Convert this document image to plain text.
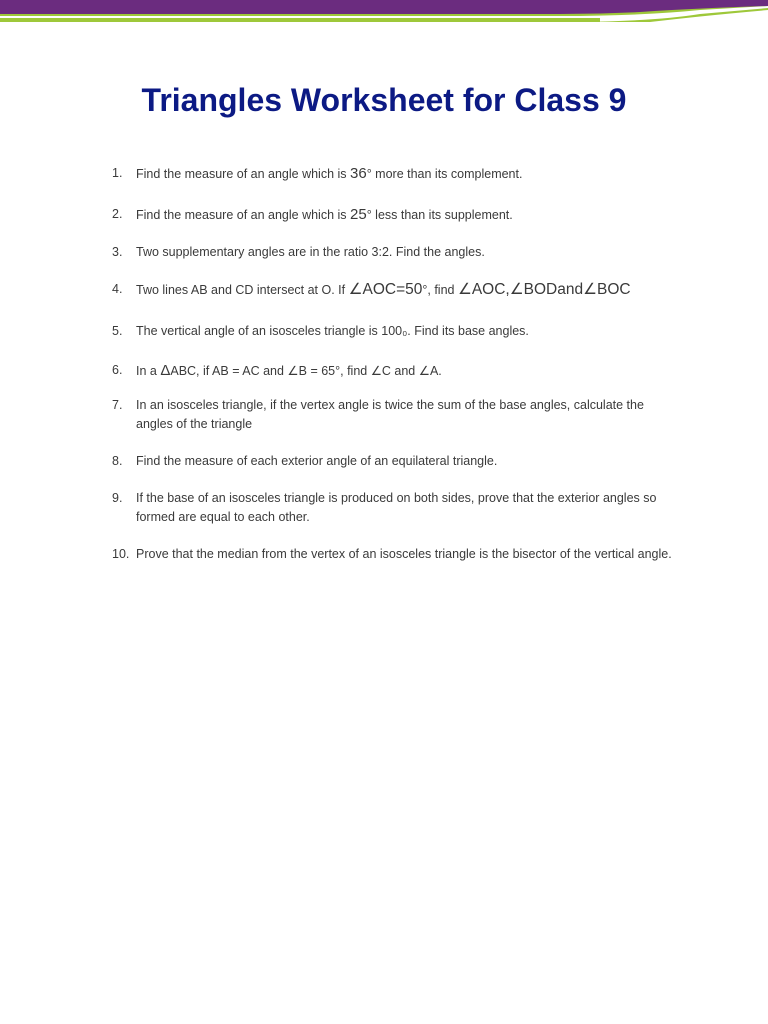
Triangles Worksheet for Class 9
1.	Find the measure of an angle which is 36° more than its complement.
2.	Find the measure of an angle which is 25° less than its supplement.
3.	Two supplementary angles are in the ratio 3:2. Find the angles.
4.	Two lines AB and CD intersect at O. If ∠AOC=50°, find ∠AOC,∠BODand∠BOC
5.	The vertical angle of an isosceles triangle is 100₀. Find its base angles.
6.	In a ΔABC, if AB = AC and ∠B = 65°, find ∠C and ∠A.
7.	In an isosceles triangle, if the vertex angle is twice the sum of the base angles, calculate the angles of the triangle
8.	Find the measure of each exterior angle of an equilateral triangle.
9.	If the base of an isosceles triangle is produced on both sides, prove that the exterior angles so formed are equal to each other.
10. Prove that the median from the vertex of an isosceles triangle is the bisector of the vertical angle.
